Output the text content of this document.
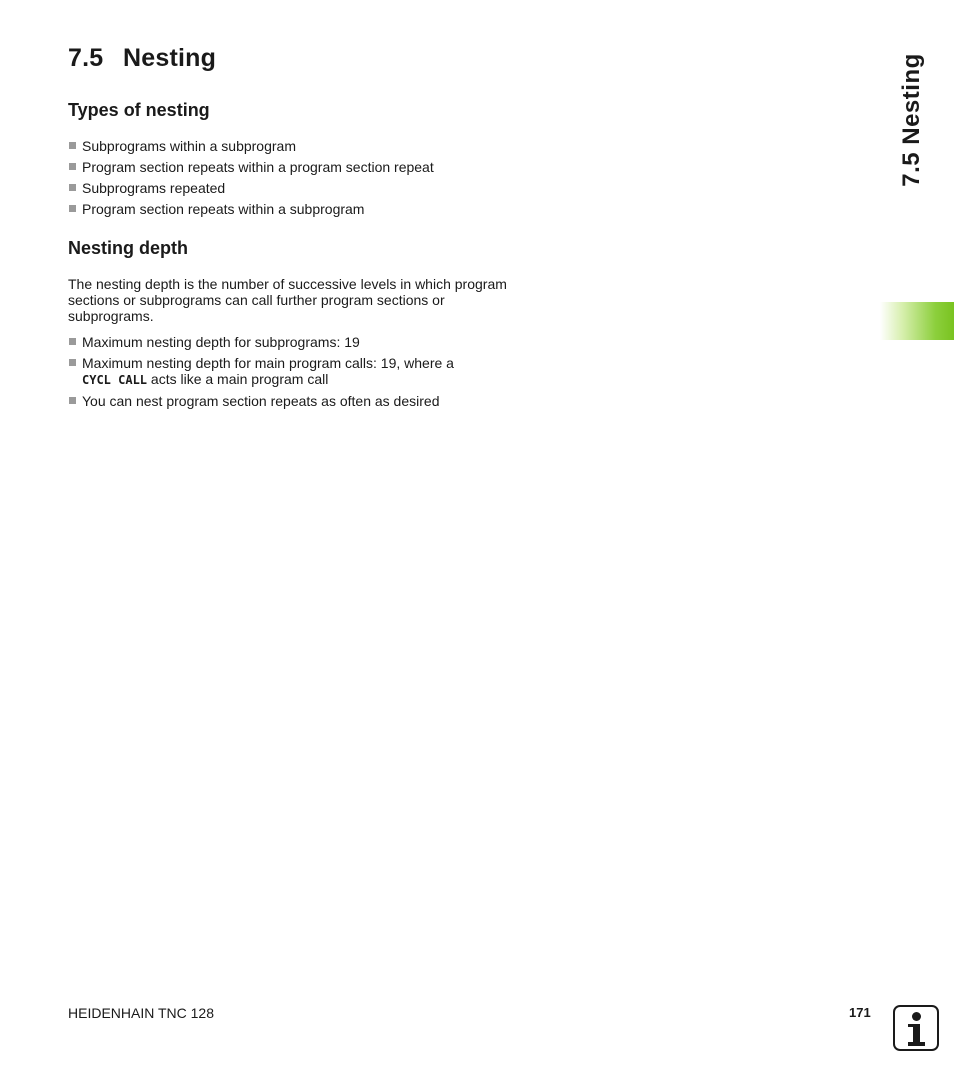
7.5 Nesting
Types of nesting
Subprograms within a subprogram
Program section repeats within a program section repeat
Subprograms repeated
Program section repeats within a subprogram
Nesting depth

The nesting depth is the number of successive levels in which program sections or subprograms can call further program sections or subprograms.

Maximum nesting depth for subprograms: 19
Maximum nesting depth for main program calls: 19, where a
CYCL CALL acts like a main program call
You can nest program section repeats as often as desired
7.5 Nesting
HEIDENHAIN TNC 128	171
